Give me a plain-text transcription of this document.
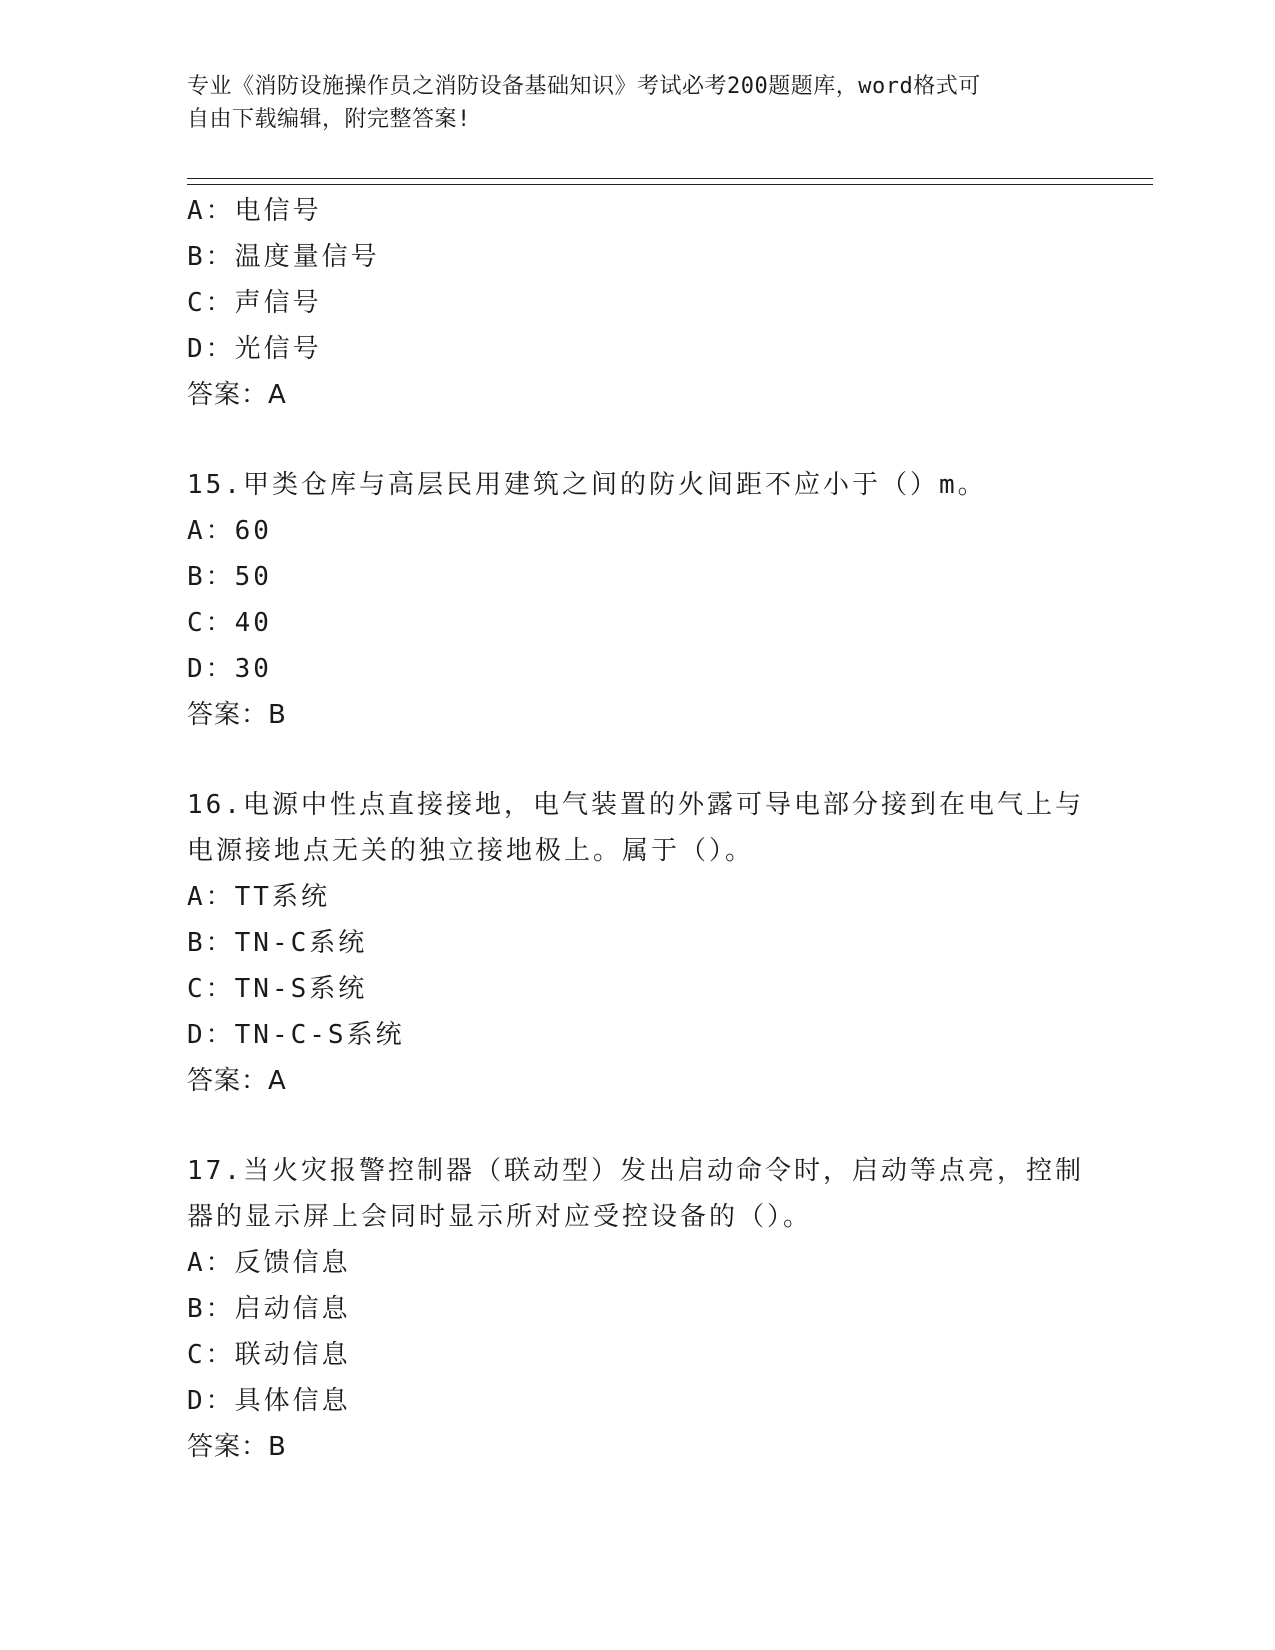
专业《消防设施操作员之消防设备基础知识》考试必考200题题库，word格式可
自由下载编辑，附完整答案!
A：电信号
B：温度量信号
C：声信号
D：光信号
答案：A
15.甲类仓库与高层民用建筑之间的防火间距不应小于（）m。
A：60
B：50
C：40
D：30
答案：B
16.电源中性点直接接地，电气装置的外露可导电部分接到在电气上与
电源接地点无关的独立接地极上。属于（）。
A：TT系统
B：TN-C系统
C：TN-S系统
D：TN-C-S系统
答案：A
17.当火灾报警控制器（联动型）发出启动命令时，启动等点亮，控制
器的显示屏上会同时显示所对应受控设备的（）。
A：反馈信息
B：启动信息
C：联动信息
D：具体信息
答案：B
